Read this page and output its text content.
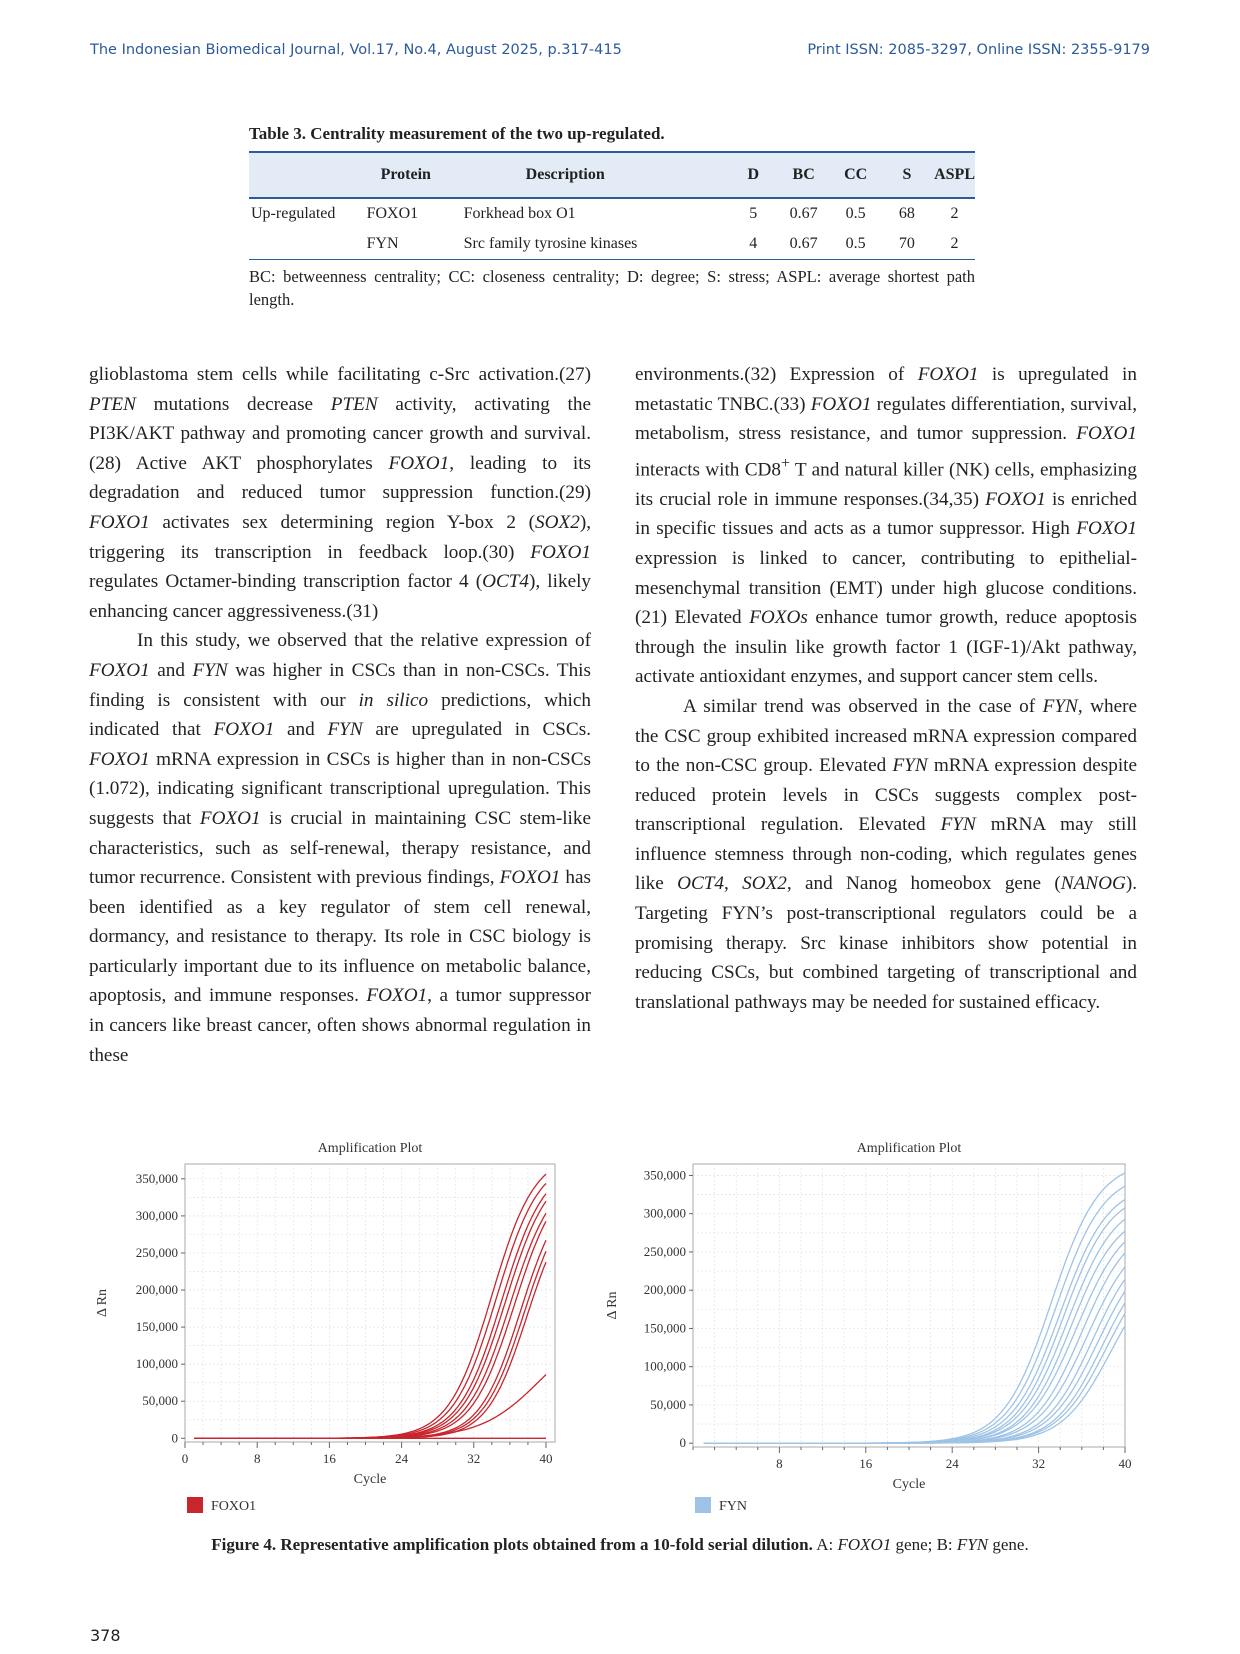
The Indonesian Biomedical Journal, Vol.17, No.4, August 2025, p.317-415	Print ISSN: 2085-3297, Online ISSN: 2355-9179
Table 3. Centrality measurement of the two up-regulated.
	Protein	Description	D	BC	CC	S	ASPL
Up-regulated	FOXO1	Forkhead box O1	5	0.67	0.5	68	2
	FYN	Src family tyrosine kinases	4	0.67	0.5	70	2
BC: betweenness centrality; CC: closeness centrality; D: degree; S: stress; ASPL: average shortest path length.

glioblastoma stem cells while facilitating c-Src activation.(27) PTEN mutations decrease PTEN activity, activating the PI3K/AKT pathway and promoting cancer growth and survival.(28) Active AKT phosphorylates FOXO1, leading to its degradation and reduced tumor suppression function.(29) FOXO1 activates sex determining region Y-box 2 (SOX2), triggering its transcription in feedback loop.(30) FOXO1 regulates Octamer-binding transcription factor 4 (OCT4), likely enhancing cancer aggressiveness.(31)

In this study, we observed that the relative expression of FOXO1 and FYN was higher in CSCs than in non-CSCs. This finding is consistent with our in silico predictions, which indicated that FOXO1 and FYN are upregulated in CSCs. FOXO1 mRNA expression in CSCs is higher than in non-CSCs (1.072), indicating significant transcriptional upregulation. This suggests that FOXO1 is crucial in maintaining CSC stem-like characteristics, such as self-renewal, therapy resistance, and tumor recurrence. Consistent with previous findings, FOXO1 has been identified as a key regulator of stem cell renewal, dormancy, and resistance to therapy. Its role in CSC biology is particularly important due to its influence on metabolic balance, apoptosis, and immune responses. FOXO1, a tumor suppressor in cancers like breast cancer, often shows abnormal regulation in these

environments.(32) Expression of FOXO1 is upregulated in metastatic TNBC.(33) FOXO1 regulates differentiation, survival, metabolism, stress resistance, and tumor suppression. FOXO1 interacts with CD8+ T and natural killer (NK) cells, emphasizing its crucial role in immune responses.(34,35) FOXO1 is enriched in specific tissues and acts as a tumor suppressor. High FOXO1 expression is linked to cancer, contributing to epithelial-mesenchymal transition (EMT) under high glucose conditions.(21) Elevated FOXOs enhance tumor growth, reduce apoptosis through the insulin like growth factor 1 (IGF-1)/Akt pathway, activate antioxidant enzymes, and support cancer stem cells.

A similar trend was observed in the case of FYN, where the CSC group exhibited increased mRNA expression compared to the non-CSC group. Elevated FYN mRNA expression despite reduced protein levels in CSCs suggests complex post-transcriptional regulation. Elevated FYN mRNA may still influence stemness through non-coding, which regulates genes like OCT4, SOX2, and Nanog homeobox gene (NANOG). Targeting FYN’s post-transcriptional regulators could be a promising therapy. Src kinase inhibitors show potential in reducing CSCs, but combined targeting of transcriptional and translational pathways may be needed for sustained efficacy.

Amplification Plot
0
50,000
100,000
150,000
200,000
250,000
300,000
350,000
0	8	16	24	32	40
Cycle
Δ Rn
FOXO1
Amplification Plot
0
50,000
100,000
150,000
200,000
250,000
300,000
350,000
8	16	24	32	40
Cycle
Δ Rn
FYN
Figure 4. Representative amplification plots obtained from a 10-fold serial dilution. A: FOXO1 gene; B: FYN gene.
378
